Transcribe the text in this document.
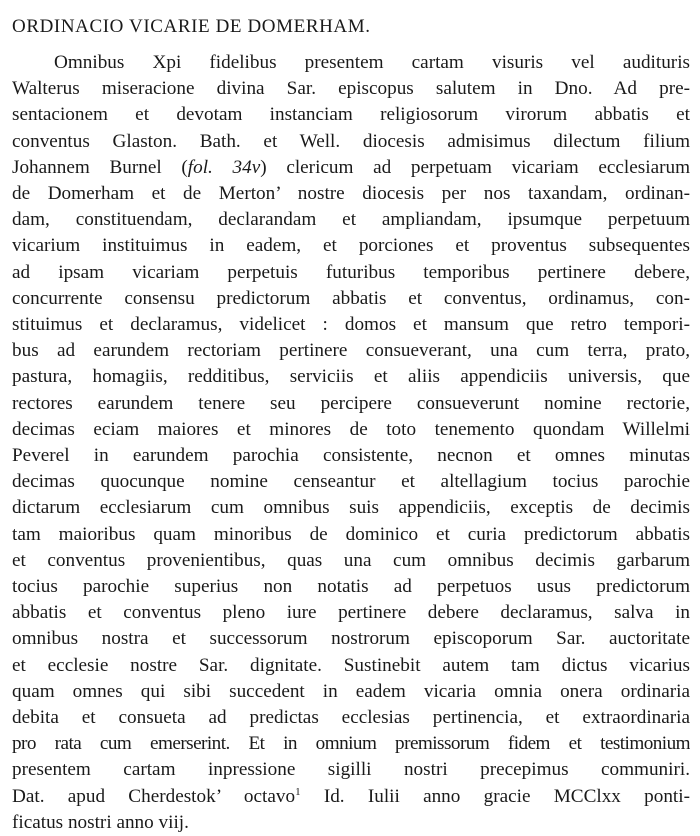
ORDINACIO VICARIE DE DOMERHAM.
Omnibus Xpi fidelibus presentem cartam visuris vel audituris
Walterus miseracione divina Sar. episcopus salutem in Dno. Ad pre-
sentacionem et devotam instanciam religiosorum virorum abbatis et
conventus Glaston. Bath. et Well. diocesis admisimus dilectum filium
Johannem Burnel (fol. 34v) clericum ad perpetuam vicariam ecclesiarum
de Domerham et de Merton’ nostre diocesis per nos taxandam, ordinan-
dam, constituendam, declarandam et ampliandam, ipsumque perpetuum
vicarium instituimus in eadem, et porciones et proventus subsequentes
ad ipsam vicariam perpetuis futuribus temporibus pertinere debere,
concurrente consensu predictorum abbatis et conventus, ordinamus, con-
stituimus et declaramus, videlicet : domos et mansum que retro tempori-
bus ad earundem rectoriam pertinere consueverant, una cum terra, prato,
pastura, homagiis, redditibus, serviciis et aliis appendiciis universis, que
rectores earundem tenere seu percipere consueverunt nomine rectorie,
decimas eciam maiores et minores de toto tenemento quondam Willelmi
Peverel in earundem parochia consistente, necnon et omnes minutas
decimas quocunque nomine censeantur et altellagium tocius parochie
dictarum ecclesiarum cum omnibus suis appendiciis, exceptis de decimis
tam maioribus quam minoribus de dominico et curia predictorum abbatis
et conventus provenientibus, quas una cum omnibus decimis garbarum
tocius parochie superius non notatis ad perpetuos usus predictorum
abbatis et conventus pleno iure pertinere debere declaramus, salva in
omnibus nostra et successorum nostrorum episcoporum Sar. auctoritate
et ecclesie nostre Sar. dignitate. Sustinebit autem tam dictus vicarius
quam omnes qui sibi succedent in eadem vicaria omnia onera ordinaria
debita et consueta ad predictas ecclesias pertinencia, et extraordinaria
pro rata cum emerserint. Et in omnium premissorum fidem et testimonium
presentem cartam inpressione sigilli nostri precepimus communiri.
Dat. apud Cherdestok’ octavo$^1$ Id. Iulii anno gracie MCClxx ponti-
ficatus nostri anno viij.
